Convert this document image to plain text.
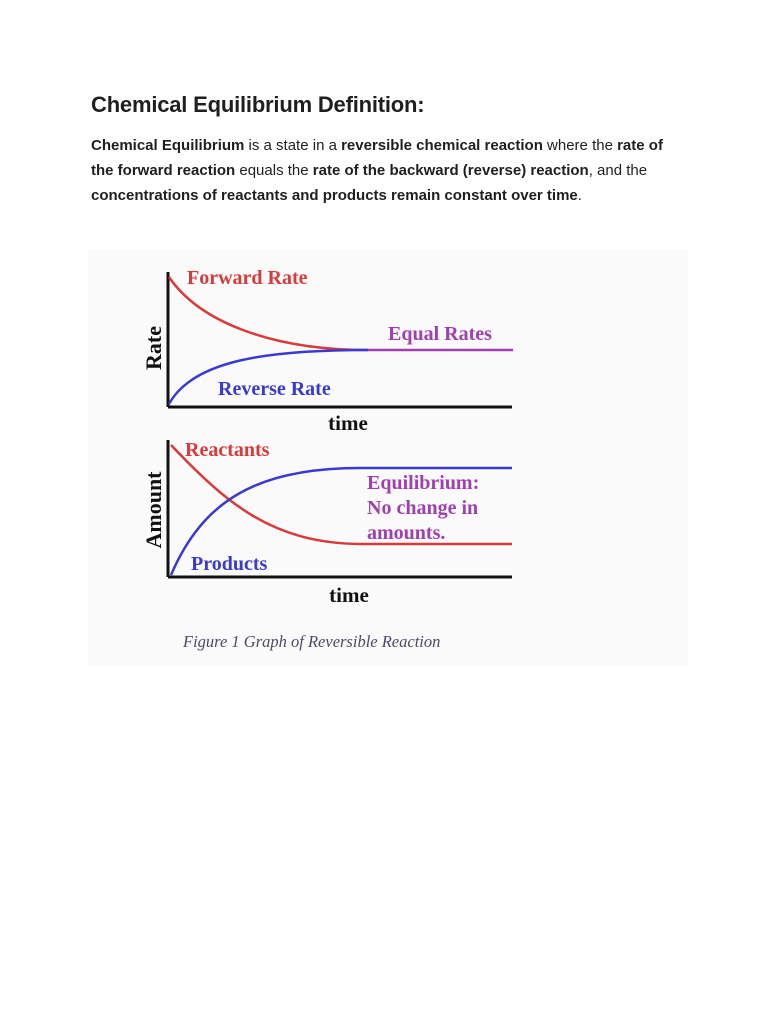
Chemical Equilibrium Definition:

Chemical Equilibrium is a state in a reversible chemical reaction where the rate of the forward reaction equals the rate of the backward (reverse) reaction, and the concentrations of reactants and products remain constant over time.

Rate
Forward Rate
Equal Rates
Reverse Rate
time
Amount
Reactants
Products
Equilibrium:
No change in
amounts.
time
Figure 1 Graph of Reversible Reaction
